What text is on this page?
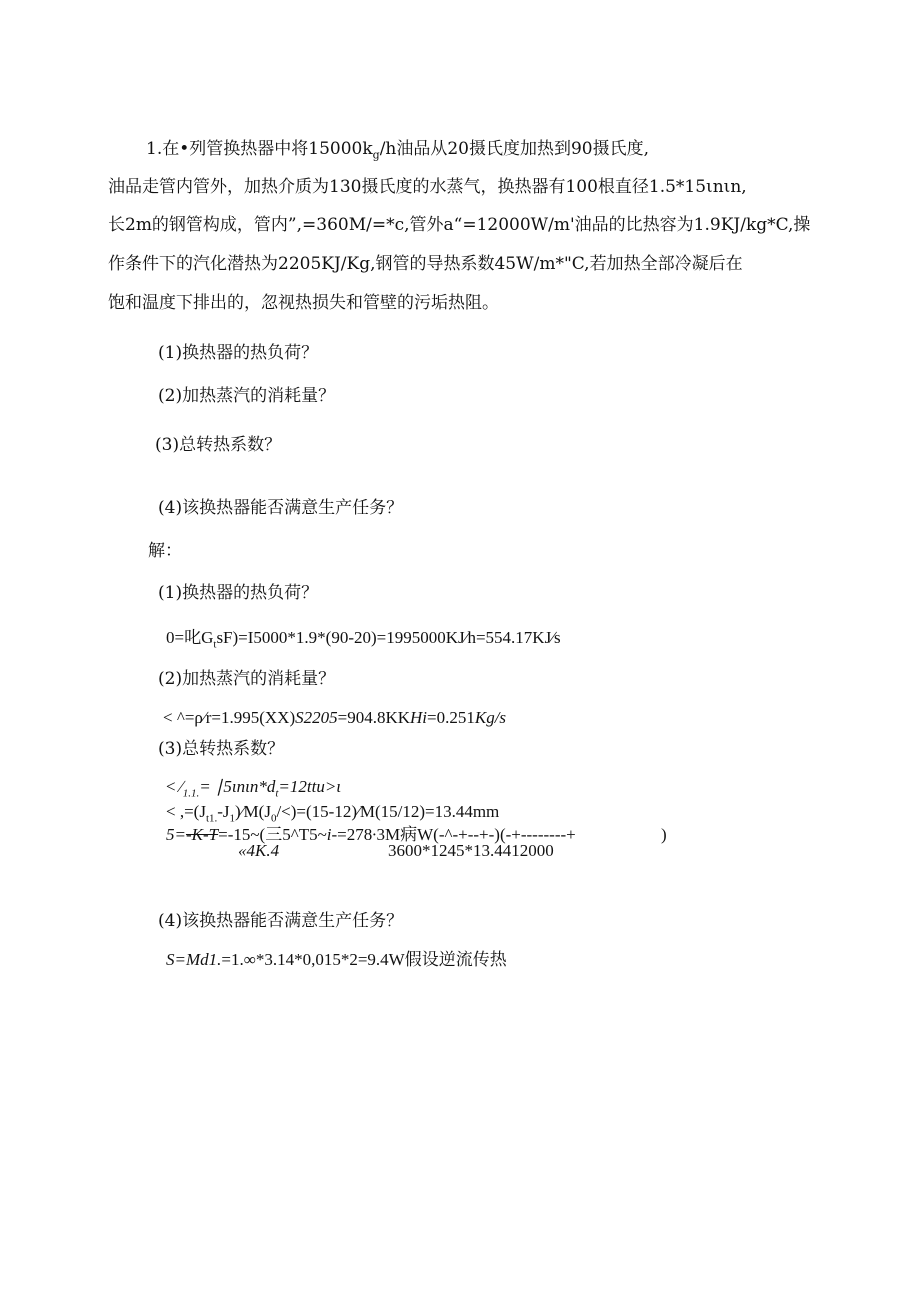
1.在•列管换热器中将$15000k_g/h$油品从20摄氏度加热到90摄氏度,
油品走管内管外，加热介质为130摄氏度的水蒸气，换热器有100根直径1.5*15ιnιn,
长2m的钢管构成，管内”,=360M∕=*c,管外a“=12000W∕m'油品的比热容为1.9KJ∕kg*C,操
作条件下的汽化潜热为2205KJ∕Kg,钢管的导热系数45W∕m*"C,若加热全部冷凝后在
饱和温度下排出的，忽视热损失和管壁的污垢热阻。
(1)换热器的热负荷？
(2)加热蒸汽的消耗量？
(3)总转热系数？
(4)该换热器能否满意生产任务？
解：
(1)换热器的热负荷？
0=叱$G_tsF)=I5000*1.9*(90-20)=1995000KJ∕h=554.17KJ∕s$
(2)加热蒸汽的消耗量？
< ^=ρ∕r=1.995(XX)S2205=904.8KKHi=0.251Kg/s
(3)总转热系数？
< $∕_{1.1.}=$ $∣5\iota n\iota n*d_t=12ttu>\iota$
< $,=(J_{t1.}-J_1)∕M(J_0/<)=(15-12)∕M(15/12)=13.44mm$
5=-K-T=-15~(三5^T5~i-=278∙3M病W(-^-+--+-)(-+--------+	)
«4K.4	3600*1245*13.4412000
(4)该换热器能否满意生产任务？
S=Md1.=1.∞*3.14*0,015*2=9.4W假设逆流传热
